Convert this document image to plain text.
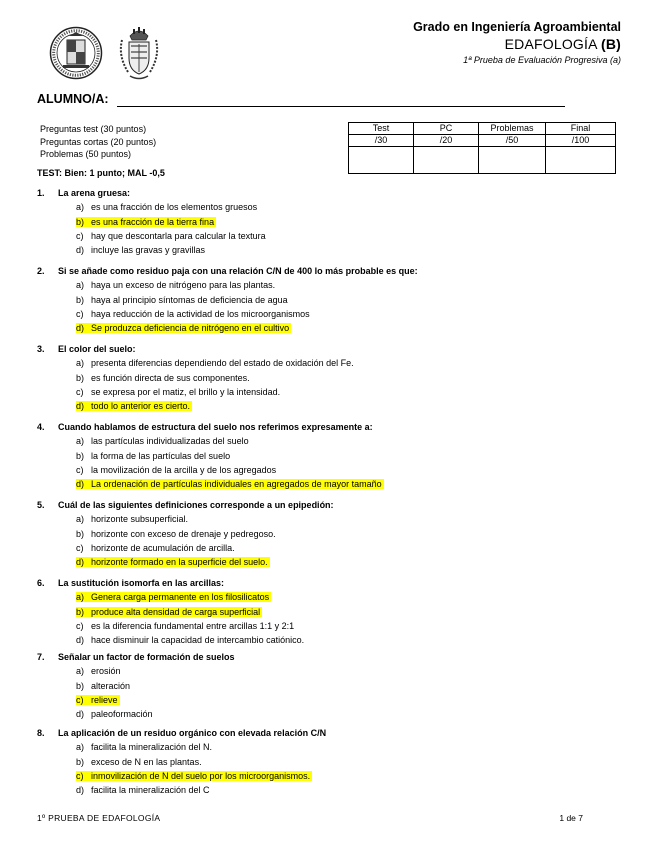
Grado en Ingeniería Agroambiental
EDAFOLOGÍA (B)
1ª Prueba de Evaluación Progresiva (a)
ALUMNO/A:
Preguntas test (30 puntos)
Preguntas cortas (20 puntos)
Problemas (50 puntos)
Test	PC	Problemas	Final
/30	/20	/50	/100

TEST: Bien: 1 punto; MAL -0,5
1. La arena gruesa:
a) es una fracción de los elementos gruesos
b) es una fracción de la tierra fina
c) hay que descontarla para calcular la textura
d) incluye las gravas y gravillas
2. Si se añade como residuo paja con una relación C/N de 400 lo más probable es que:
a) haya un exceso de nitrógeno para las plantas.
b) haya al principio síntomas de deficiencia de agua
c) haya reducción de la actividad de los microorganismos
d) Se produzca deficiencia de nitrógeno en el cultivo
3. El color del suelo:
a) presenta diferencias dependiendo del estado de oxidación del Fe.
b) es función directa de sus componentes.
c) se expresa por el matiz, el brillo y la intensidad.
d) todo lo anterior es cierto.
4. Cuando hablamos de estructura del suelo nos referimos expresamente a:
a) las partículas individualizadas del suelo
b) la forma de las partículas del suelo
c) la movilización de la arcilla y de los agregados
d) La ordenación de partículas individuales en agregados de mayor tamaño
5. Cuál de las siguientes definiciones corresponde a un epipedión:
a) horizonte subsuperficial.
b) horizonte con exceso de drenaje y pedregoso.
c) horizonte de acumulación de arcilla.
d) horizonte formado en la superficie del suelo.
6. La sustitución isomorfa en las arcillas:
a) Genera carga permanente en los filosilicatos
b) produce alta densidad de carga superficial
c) es la diferencia fundamental entre arcillas 1:1 y 2:1
d) hace disminuir la capacidad de intercambio catiónico.
7. Señalar un factor de formación de suelos
a) erosión
b) alteración
c) relieve
d) paleoformación
8. La aplicación de un residuo orgánico con elevada relación C/N
a) facilita la mineralización del N.
b) exceso de N en las plantas.
c) inmovilización de N del suelo por los microorganismos.
d) facilita la mineralización del C
1º PRUEBA DE EDAFOLOGÍA	1 de 7
